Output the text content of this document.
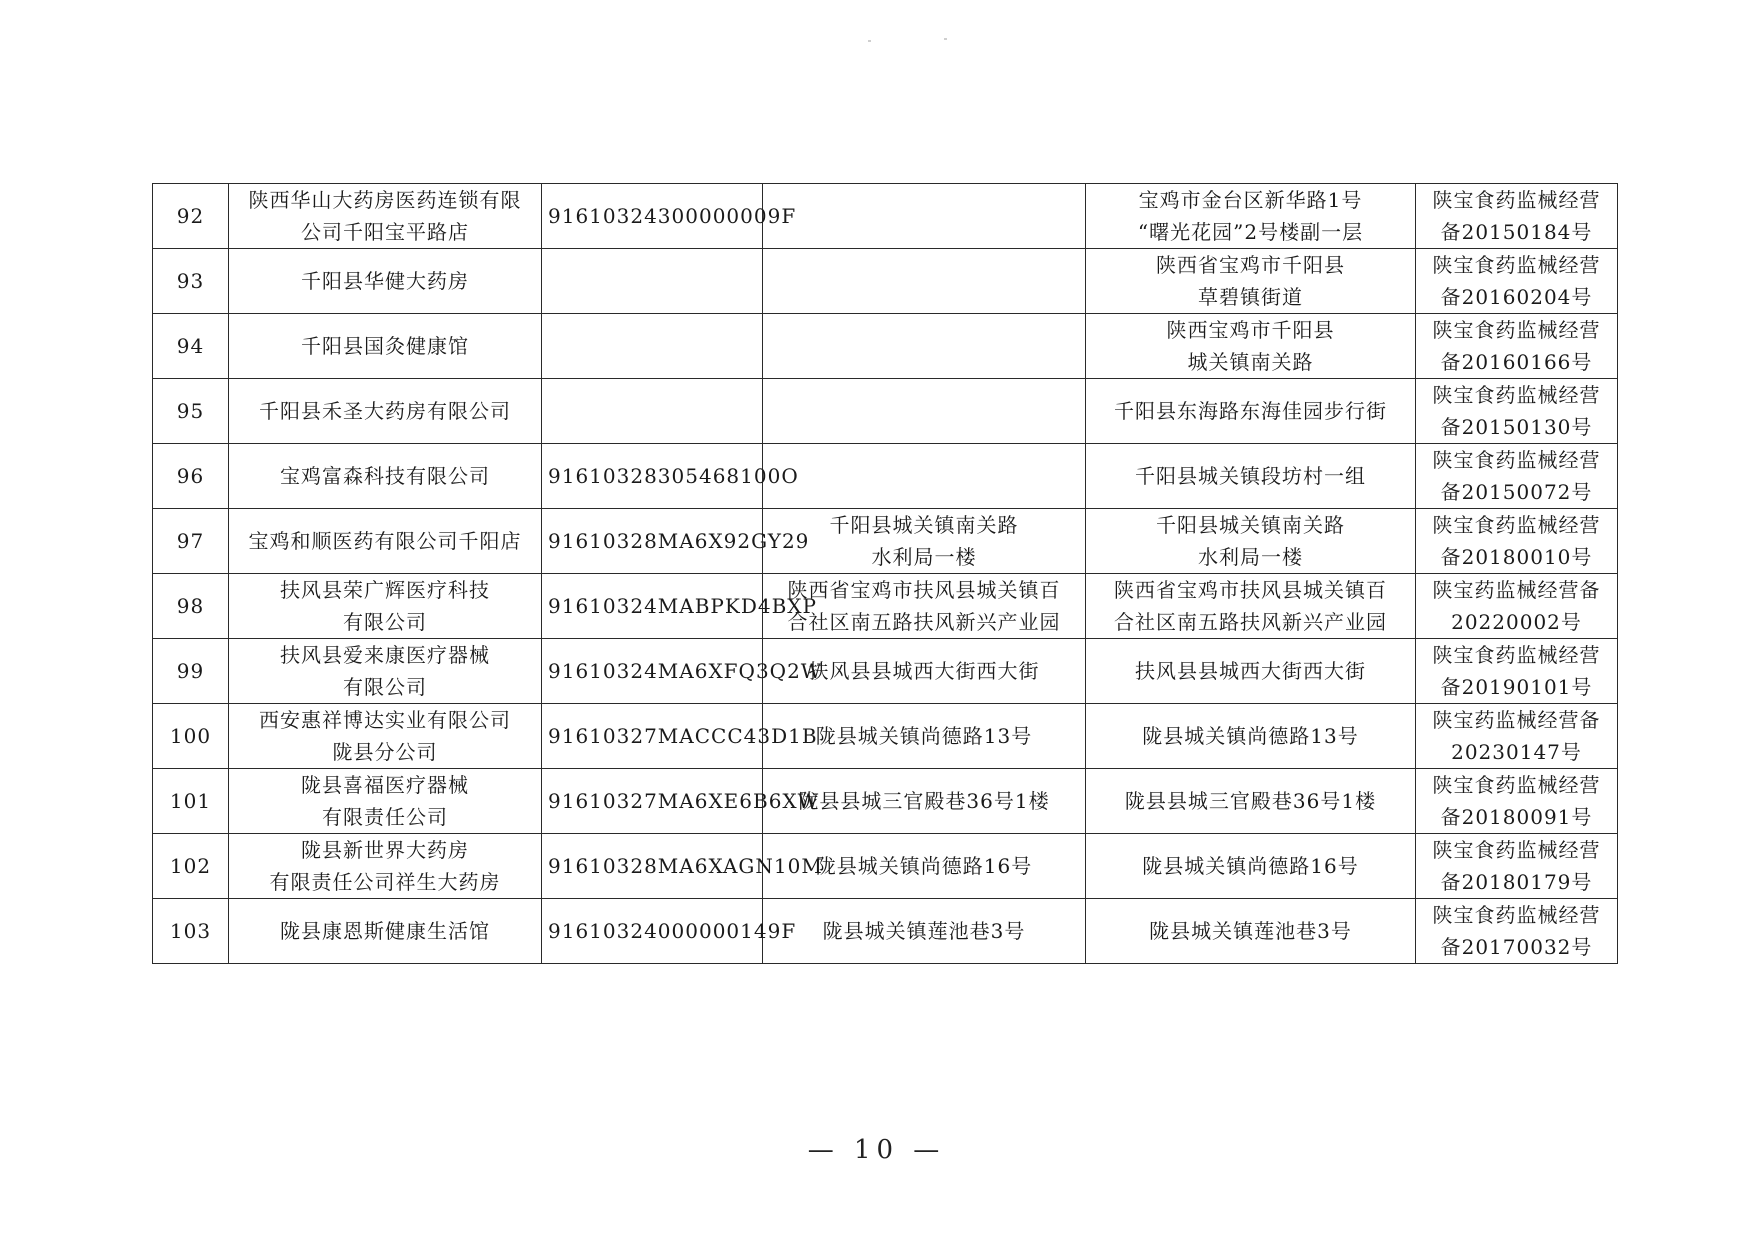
92	陕西华山大药房医药连锁有限
公司千阳宝平路店	91610324300000009F		宝鸡市金台区新华路1号
“曙光花园”2号楼副一层	陕宝食药监械经营
备20150184号

93	千阳县华健大药房			陕西省宝鸡市千阳县
草碧镇街道	陕宝食药监械经营
备20160204号

94	千阳县国灸健康馆			陕西宝鸡市千阳县
城关镇南关路	陕宝食药监械经营
备20160166号

95	千阳县禾圣大药房有限公司			千阳县东海路东海佳园步行街	陕宝食药监械经营
备20150130号

96	宝鸡富森科技有限公司	91610328305468100O		千阳县城关镇段坊村一组	陕宝食药监械经营
备20150072号

97	宝鸡和顺医药有限公司千阳店	91610328MA6X92GY29	千阳县城关镇南关路
水利局一楼	千阳县城关镇南关路
水利局一楼	陕宝食药监械经营
备20180010号

98	扶风县荣广辉医疗科技
有限公司	91610324MABPKD4BXP	陕西省宝鸡市扶风县城关镇百
合社区南五路扶风新兴产业园	陕西省宝鸡市扶风县城关镇百
合社区南五路扶风新兴产业园	陕宝药监械经营备
20220002号

99	扶风县爱来康医疗器械
有限公司	91610324MA6XFQ3Q2W	扶风县县城西大街西大街	扶风县县城西大街西大街	陕宝食药监械经营
备20190101号

100	西安惠祥博达实业有限公司
陇县分公司	91610327MACCC43D1B	陇县城关镇尚德路13号	陇县城关镇尚德路13号	陕宝药监械经营备
20230147号

101	陇县喜福医疗器械
有限责任公司	91610327MA6XE6B6XW	陇县县城三官殿巷36号1楼	陇县县城三官殿巷36号1楼	陕宝食药监械经营
备20180091号

102	陇县新世界大药房
有限责任公司祥生大药房	91610328MA6XAGN10M	陇县城关镇尚德路16号	陇县城关镇尚德路16号	陕宝食药监械经营
备20180179号

103	陇县康恩斯健康生活馆	91610324000000149F	陇县城关镇莲池巷3号	陇县城关镇莲池巷3号	陕宝食药监械经营
备20170032号
— 10 —
